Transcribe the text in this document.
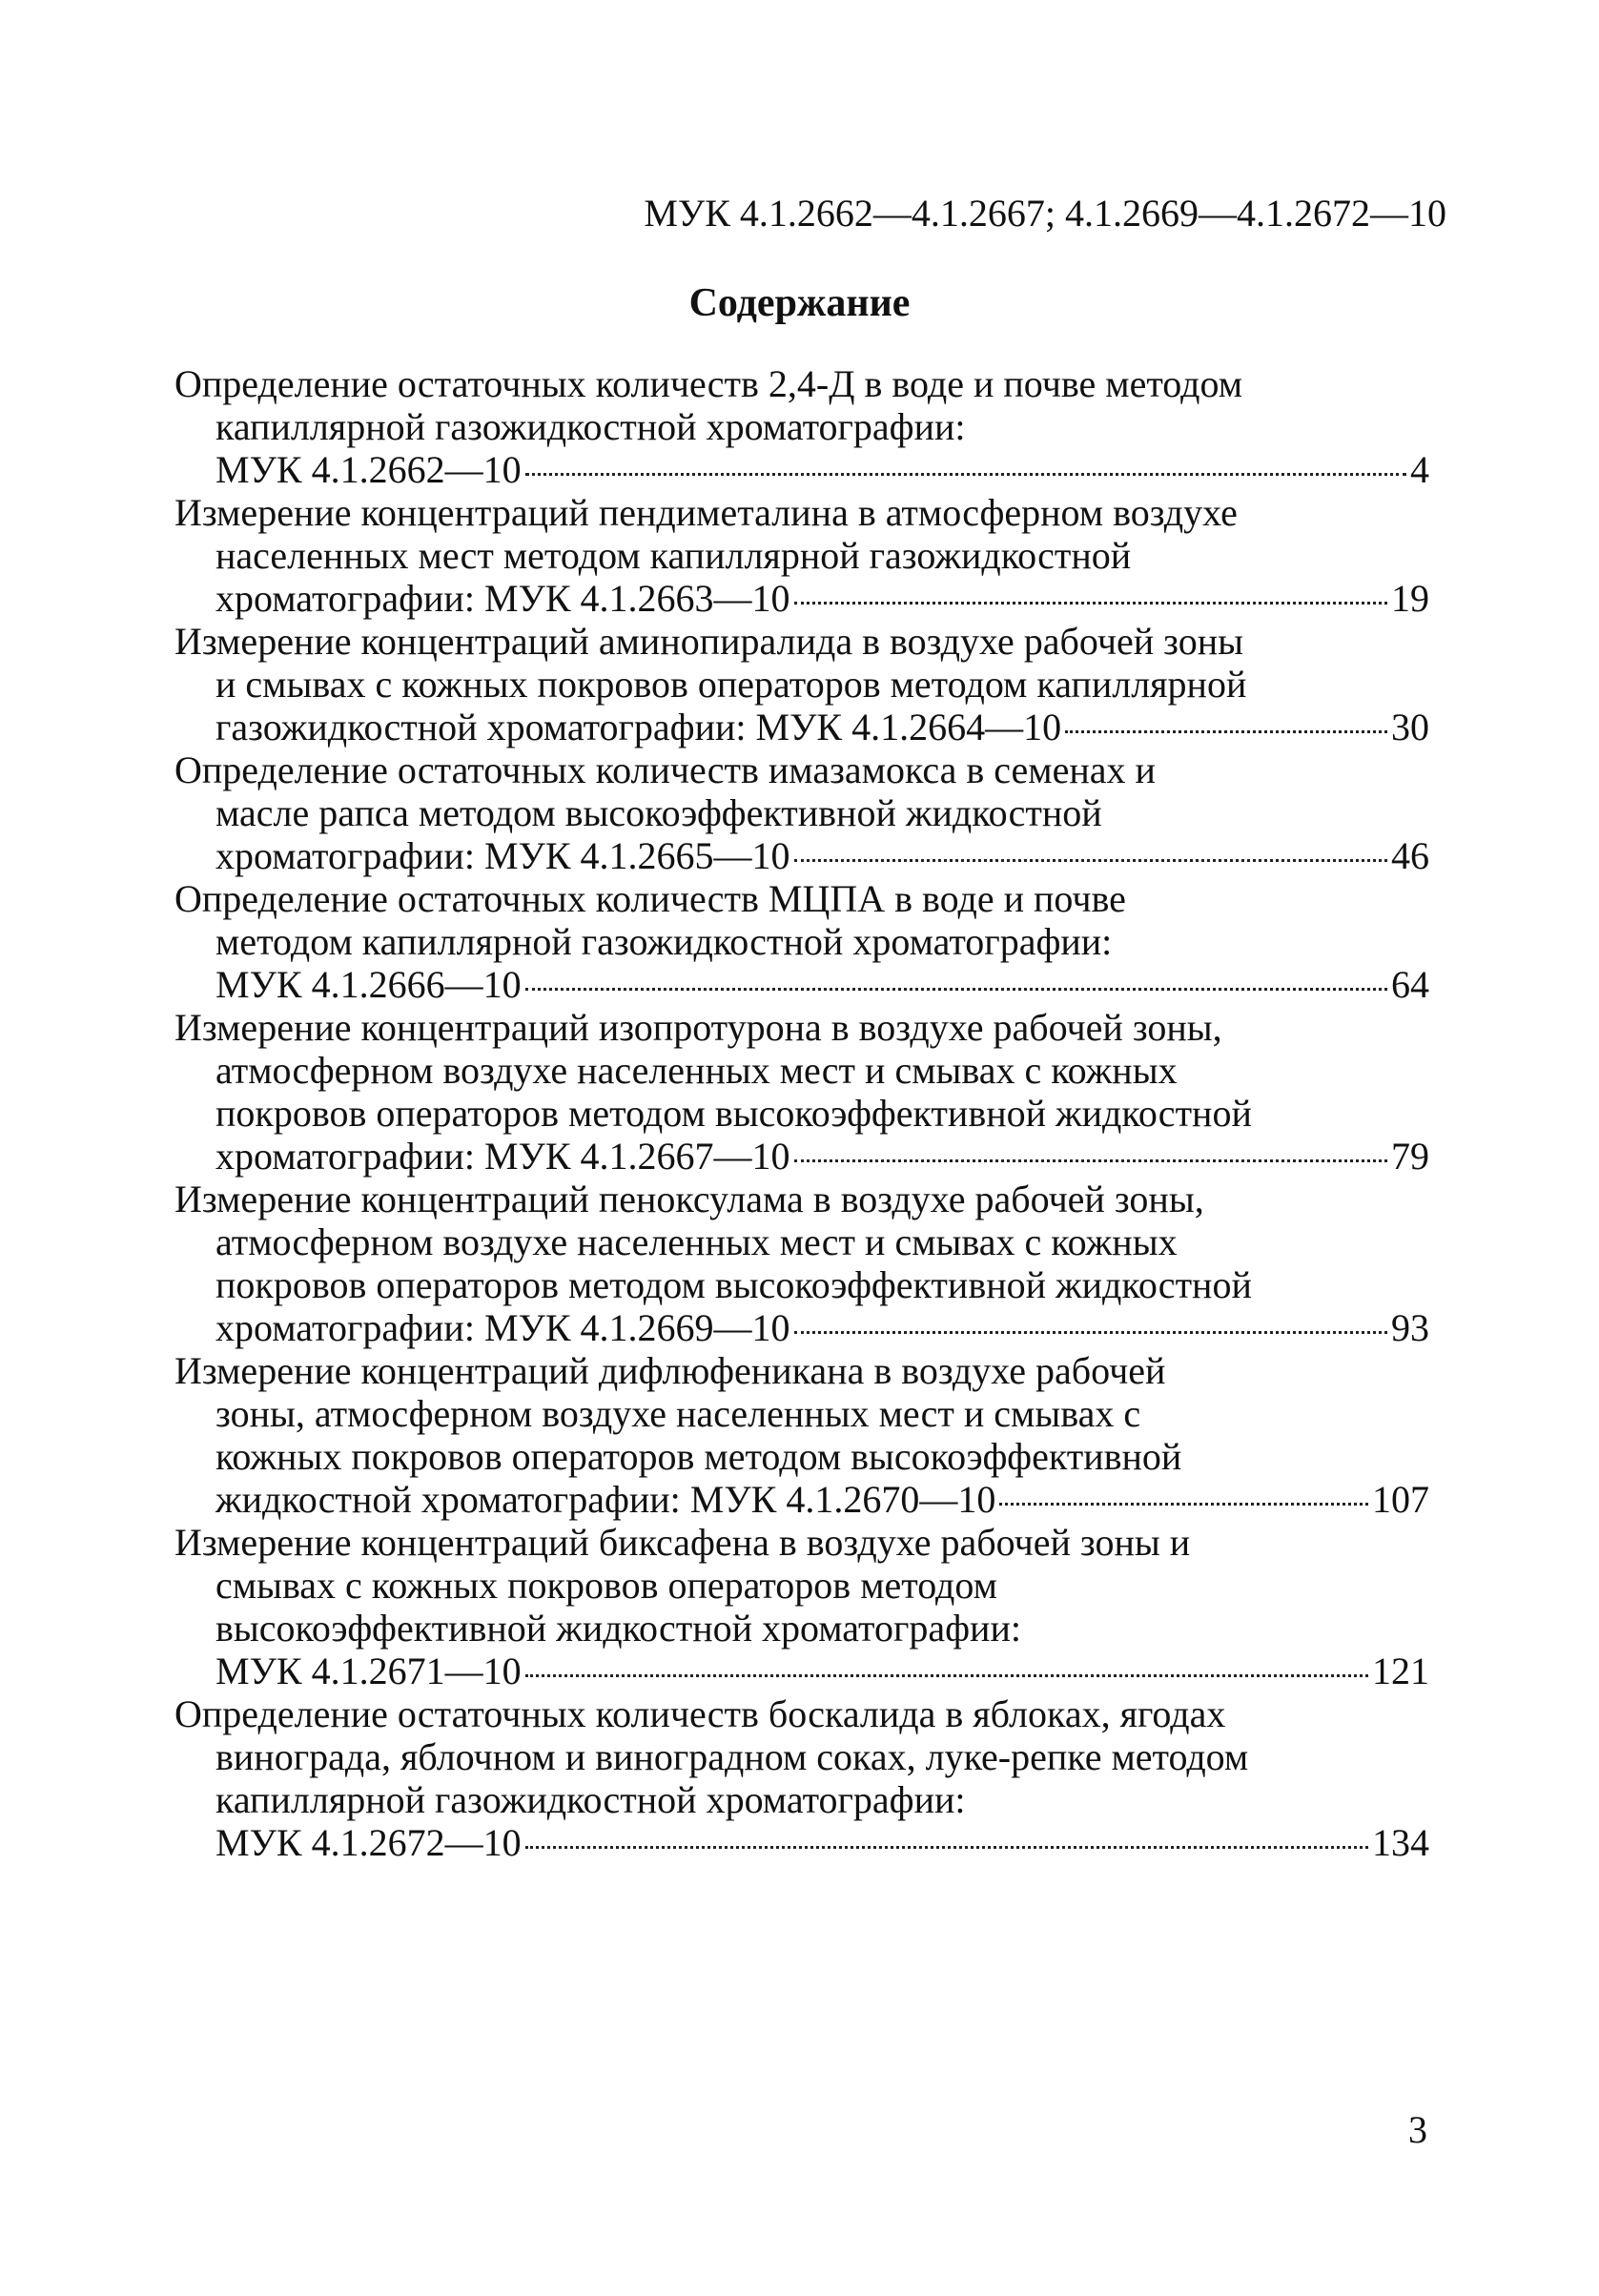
МУК 4.1.2662—4.1.2667; 4.1.2669—4.1.2672—10
Содержание
Определение остаточных количеств 2,4-Д в воде и почве методом
капиллярной газожидкостной хроматографии:
МУК 4.1.2662—10	4
Измерение концентраций пендиметалина в атмосферном воздухе
населенных мест методом капиллярной газожидкостной
хроматографии: МУК 4.1.2663—10	19
Измерение концентраций аминопиралида в воздухе рабочей зоны
и смывах с кожных покровов операторов методом капиллярной
газожидкостной хроматографии: МУК 4.1.2664—10	30
Определение остаточных количеств имазамокса в семенах и
масле рапса методом высокоэффективной жидкостной
хроматографии: МУК 4.1.2665—10	46
Определение остаточных количеств МЦПА в воде и почве
методом капиллярной газожидкостной хроматографии:
МУК 4.1.2666—10	64
Измерение концентраций изопротурона в воздухе рабочей зоны,
атмосферном воздухе населенных мест и смывах с кожных
покровов операторов методом высокоэффективной жидкостной
хроматографии: МУК 4.1.2667—10	79
Измерение концентраций пеноксулама в воздухе рабочей зоны,
атмосферном воздухе населенных мест и смывах с кожных
покровов операторов методом высокоэффективной жидкостной
хроматографии: МУК 4.1.2669—10	93
Измерение концентраций дифлюфеникана в воздухе рабочей
зоны, атмосферном воздухе населенных мест и смывах с
кожных покровов операторов методом высокоэффективной
жидкостной хроматографии: МУК 4.1.2670—10	107
Измерение концентраций биксафена в воздухе рабочей зоны и
смывах с кожных покровов операторов методом
высокоэффективной жидкостной хроматографии:
МУК 4.1.2671—10	121
Определение остаточных количеств боскалида в яблоках, ягодах
винограда, яблочном и виноградном соках, луке-репке методом
капиллярной газожидкостной хроматографии:
МУК 4.1.2672—10	134
3
